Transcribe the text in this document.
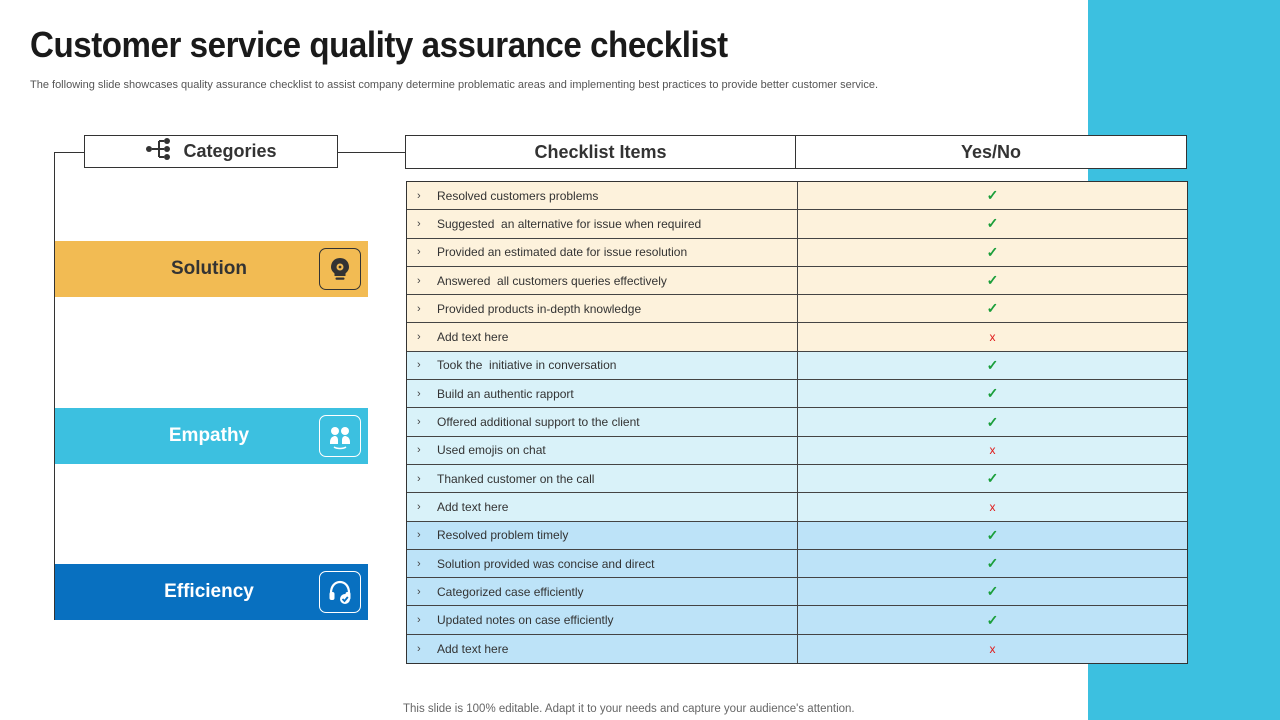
Customer service quality assurance checklist
The following slide showcases quality assurance checklist to assist company determine problematic areas and implementing best practices to provide better customer service.
Categories	Checklist Items	Yes/No
Solution
Empathy
Efficiency
›	Resolved customers problems	✓
›	Suggested  an alternative for issue when required	✓
›	Provided an estimated date for issue resolution	✓
›	Answered  all customers queries effectively	✓
›	Provided products in-depth knowledge	✓
›	Add text here	x
›	Took the  initiative in conversation	✓
›	Build an authentic rapport	✓
›	Offered additional support to the client	✓
›	Used emojis on chat	x
›	Thanked customer on the call	✓
›	Add text here	x
›	Resolved problem timely	✓
›	Solution provided was concise and direct	✓
›	Categorized case efficiently	✓
›	Updated notes on case efficiently	✓
›	Add text here	x
This slide is 100% editable. Adapt it to your needs and capture your audience's attention.
